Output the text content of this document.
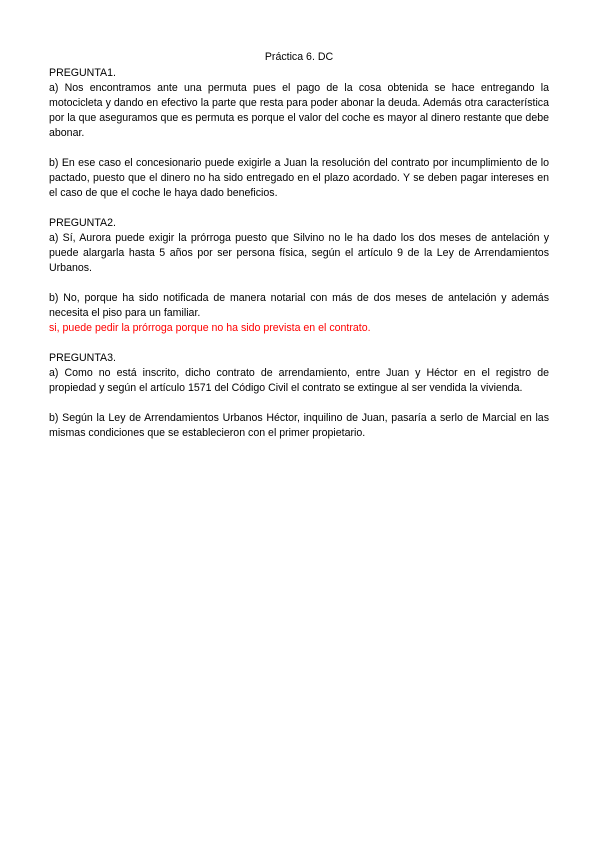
Práctica 6. DC

PREGUNTA1.

a) Nos encontramos ante una permuta pues el pago de la cosa obtenida se hace entregando la motocicleta y dando en efectivo la parte que resta para poder abonar la deuda. Además otra característica por la que aseguramos que es permuta es porque el valor del coche es mayor al dinero restante que debe abonar.

b) En ese caso el concesionario puede exigirle a Juan la resolución del contrato por incumplimiento de lo pactado, puesto que el dinero no ha sido entregado en el plazo acordado. Y se deben pagar intereses en el caso de que el coche le haya dado beneficios.

PREGUNTA2.

a) Sí, Aurora puede exigir la prórroga puesto que Silvino no le ha dado los dos meses de antelación y puede alargarla hasta 5 años por ser persona física, según el artículo 9 de la Ley de Arrendamientos Urbanos.

b) No, porque ha sido notificada de manera notarial con más de dos meses de antelación y además necesita el piso para un familiar.

si, puede pedir la prórroga porque no ha sido prevista en el contrato.

PREGUNTA3.

a) Como no está inscrito, dicho contrato de arrendamiento, entre Juan y Héctor en el registro de propiedad y según el artículo 1571 del Código Civil el contrato se extingue al ser vendida la vivienda.

b) Según la Ley de Arrendamientos Urbanos Héctor, inquilino de Juan, pasaría a serlo de Marcial en las mismas condiciones que se establecieron con el primer propietario.
